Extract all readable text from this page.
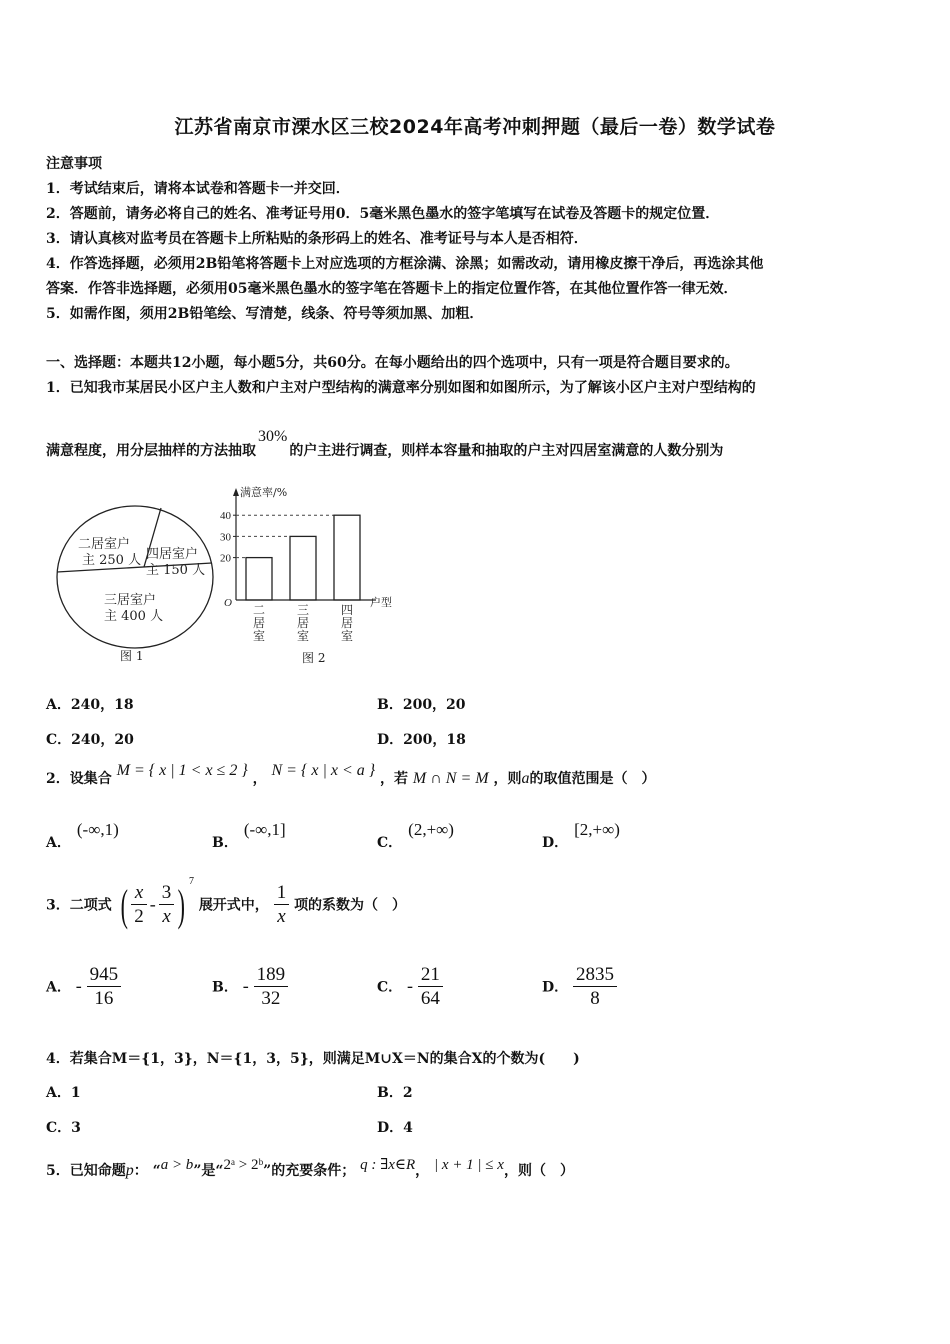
江苏省南京市溧水区三校2024年高考冲刺押题（最后一卷）数学试卷
注意事项
1．考试结束后，请将本试卷和答题卡一并交回．
2．答题前，请务必将自己的姓名、准考证号用0．5毫米黑色墨水的签字笔填写在试卷及答题卡的规定位置．
3．请认真核对监考员在答题卡上所粘贴的条形码上的姓名、准考证号与本人是否相符．
4．作答选择题，必须用2B铅笔将答题卡上对应选项的方框涂满、涂黑；如需改动，请用橡皮擦干净后，再选涂其他
答案．作答非选择题，必须用05毫米黑色墨水的签字笔在答题卡上的指定位置作答，在其他位置作答一律无效．
5．如需作图，须用2B铅笔绘、写清楚，线条、符号等须加黑、加粗．
一、选择题：本题共12小题，每小题5分，共60分。在每小题给出的四个选项中，只有一项是符合题目要求的。
1．已知我市某居民小区户主人数和户主对户型结构的满意率分别如图和如图所示，为了解该小区户主对户型结构的
满意程度，用分层抽样的方法抽取30%的户主进行调查，则样本容量和抽取的户主对四居室满意的人数分别为
二居室户
主 250 人 四居室户
主 150 人
三居室户
主 400 人
图 1
满意率/%
户型
O
20
30
40
二
居
室
三
居
室
四
居
室
图 2
A．240，18	B．200，20
C．240，20	D．200，18
2．设集合 M = { x | 1 < x ≤ 2 } ， N = { x | x < a } ，若 M ∩ N = M ，则a的取值范围是（　）
A．(-∞,1)
B．(-∞,1]
C．(2,+∞)
D．[2,+∞)
3．二项式 ( $\frac{x}{2} - \frac{3}{x}$ ) $^7$ 展开式中， $\frac{1}{x}$ 项的系数为（　）
A． - $\frac{945}{16}$	B． - $\frac{189}{32}$	C． - $\frac{21}{64}$	D． $\frac{2835}{8}$
4．若集合M＝{1，3}，N＝{1，3，5}，则满足M∪X＝N的集合X的个数为(　　)
A．1	B．2
C．3	D．4
5．已知命题p： “a > b”是“2ᵃ > 2ᵇ”的充要条件； q : ∃x∈R， | x + 1 | ≤ x，则（　）
